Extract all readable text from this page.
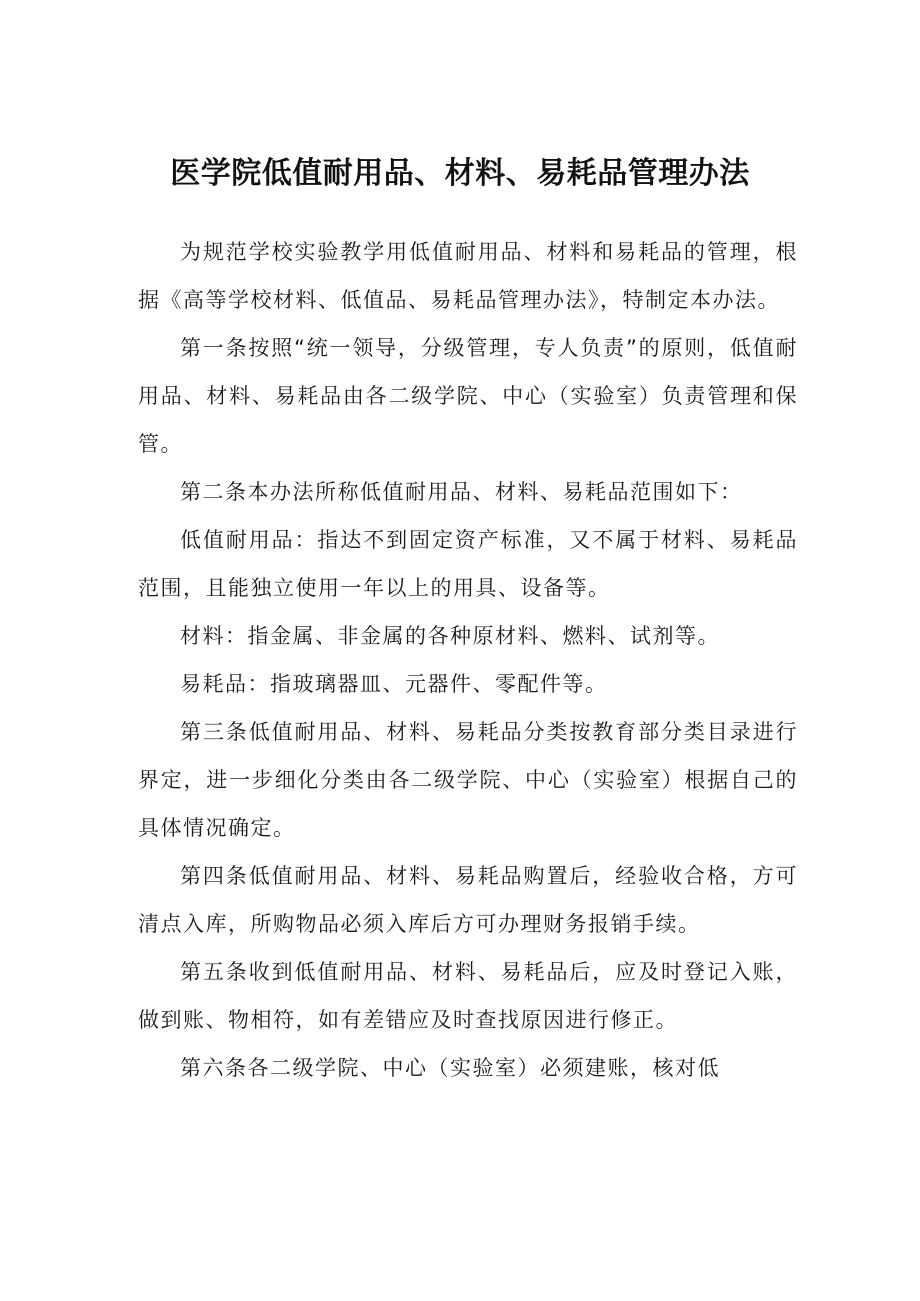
医学院低值耐用品、材料、易耗品管理办法

为规范学校实验教学用低值耐用品、材料和易耗品的管理，根据《高等学校材料、低值品、易耗品管理办法》，特制定本办法。

第一条按照“统一领导，分级管理，专人负责”的原则，低值耐用品、材料、易耗品由各二级学院、中心（实验室）负责管理和保管。

第二条本办法所称低值耐用品、材料、易耗品范围如下：

低值耐用品：指达不到固定资产标准，又不属于材料、易耗品范围，且能独立使用一年以上的用具、设备等。

材料：指金属、非金属的各种原材料、燃料、试剂等。

易耗品：指玻璃器皿、元器件、零配件等。

第三条低值耐用品、材料、易耗品分类按教育部分类目录进行界定，进一步细化分类由各二级学院、中心（实验室）根据自己的具体情况确定。

第四条低值耐用品、材料、易耗品购置后，经验收合格，方可清点入库，所购物品必须入库后方可办理财务报销手续。

第五条收到低值耐用品、材料、易耗品后，应及时登记入账，做到账、物相符，如有差错应及时查找原因进行修正。

第六条各二级学院、中心（实验室）必须建账，核对低
